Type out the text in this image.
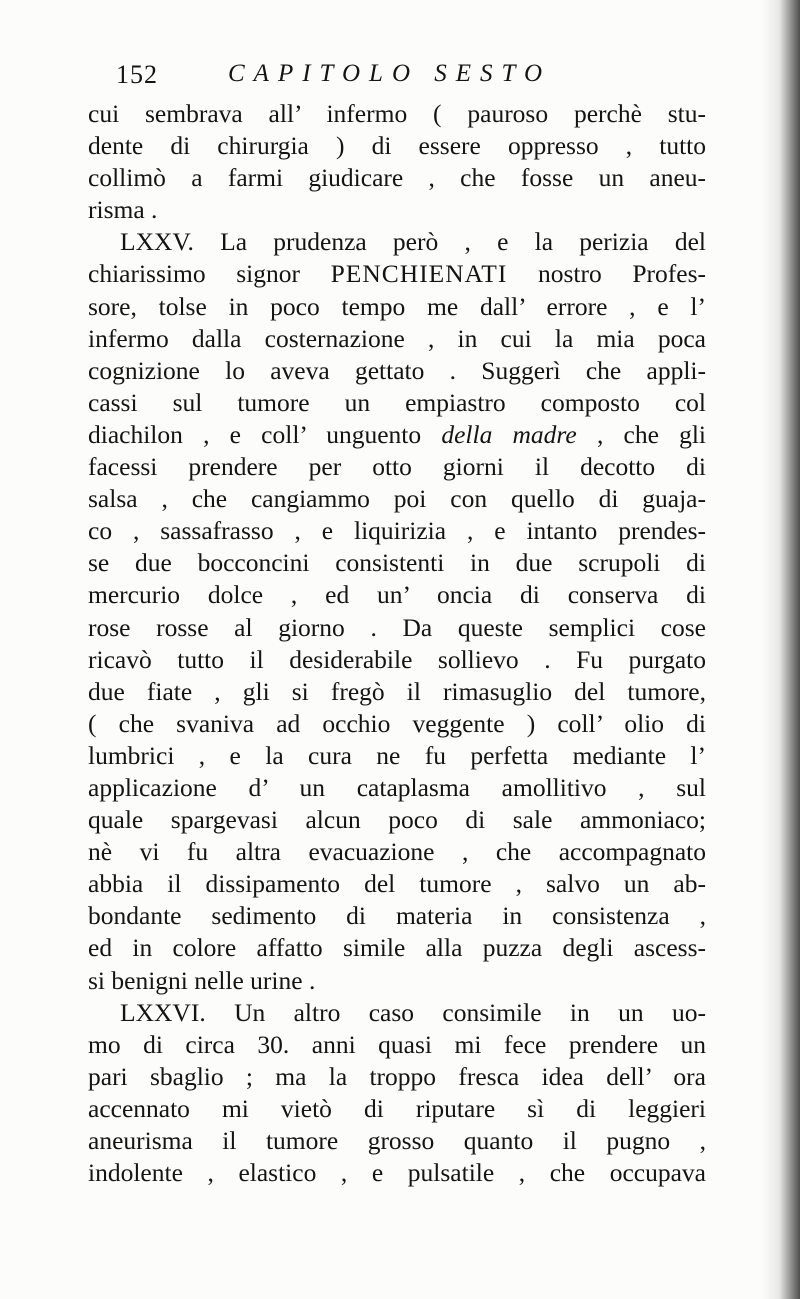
152	CAPITOLO SESTO
cui sembrava all’ infermo ( pauroso perchè stu-
dente di chirurgia ) di essere oppresso , tutto
collimò a farmi giudicare , che fosse un aneu-
risma .
LXXV. La prudenza però , e la perizia del
chiarissimo signor PENCHIENATI nostro Profes-
sore, tolse in poco tempo me dall’ errore , e l’
infermo dalla costernazione , in cui la mia poca
cognizione lo aveva gettato . Suggerì che appli-
cassi sul tumore un empiastro composto col
diachilon , e coll’ unguento della madre , che gli
facessi prendere per otto giorni il decotto di
salsa , che cangiammo poi con quello di guaja-
co , sassafrasso , e liquirizia , e intanto prendes-
se due bocconcini consistenti in due scrupoli di
mercurio dolce , ed un’ oncia di conserva di
rose rosse al giorno . Da queste semplici cose
ricavò tutto il desiderabile sollievo . Fu purgato
due fiate , gli si fregò il rimasuglio del tumore,
( che svaniva ad occhio veggente ) coll’ olio di
lumbrici , e la cura ne fu perfetta mediante l’
applicazione d’ un cataplasma amollitivo , sul
quale spargevasi alcun poco di sale ammoniaco;
nè vi fu altra evacuazione , che accompagnato
abbia il dissipamento del tumore , salvo un ab-
bondante sedimento di materia in consistenza ,
ed in colore affatto simile alla puzza degli ascess-
si benigni nelle urine .
LXXVI. Un altro caso consimile in un uo-
mo di circa 30. anni quasi mi fece prendere un
pari sbaglio ; ma la troppo fresca idea dell’ ora
accennato mi vietò di riputare sì di leggieri
aneurisma il tumore grosso quanto il pugno ,
indolente , elastico , e pulsatile , che occupava
